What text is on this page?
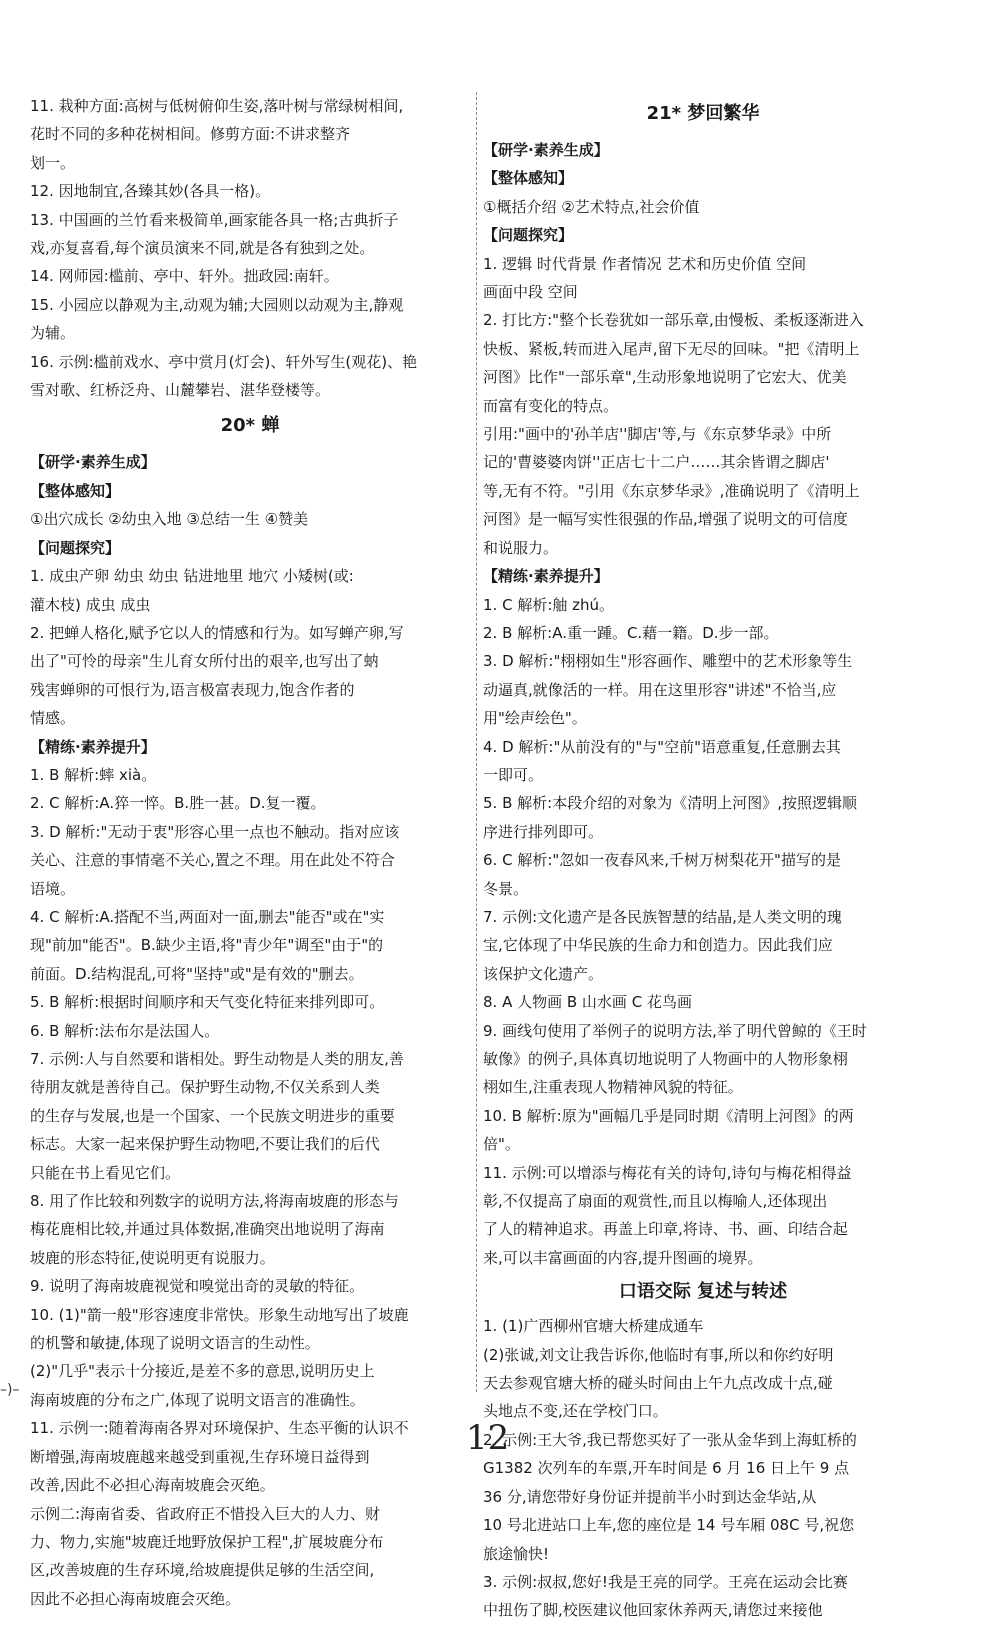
11. 栽种方面:高树与低树俯仰生姿,落叶树与常绿树相间,
花时不同的多种花树相间。修剪方面:不讲求整齐
划一。
12. 因地制宜,各臻其妙(各具一格)。
13. 中国画的兰竹看来极简单,画家能各具一格;古典折子
戏,亦复喜看,每个演员演来不同,就是各有独到之处。
14. 网师园:槛前、亭中、轩外。拙政园:南轩。
15. 小园应以静观为主,动观为辅;大园则以动观为主,静观
为辅。
16. 示例:槛前戏水、亭中赏月(灯会)、轩外写生(观花)、艳
雪对歌、红桥泛舟、山麓攀岩、湛华登楼等。
20* 蝉
【研学·素养生成】
【整体感知】
①出穴成长 ②幼虫入地 ③总结一生 ④赞美
【问题探究】
1. 成虫产卵 幼虫 幼虫 钻进地里 地穴 小矮树(或:
灌木枝) 成虫 成虫
2. 把蝉人格化,赋予它以人的情感和行为。如写蝉产卵,写
出了"可怜的母亲"生儿育女所付出的艰辛,也写出了蚋
残害蝉卵的可恨行为,语言极富表现力,饱含作者的
情感。
【精练·素养提升】
1. B 解析:蟀 xià。
2. C 解析:A.猝一悴。B.胜一甚。D.复一覆。
3. D 解析:"无动于衷"形容心里一点也不触动。指对应该
关心、注意的事情毫不关心,置之不理。用在此处不符合
语境。
4. C 解析:A.搭配不当,两面对一面,删去"能否"或在"实
现"前加"能否"。B.缺少主语,将"青少年"调至"由于"的
前面。D.结构混乱,可将"坚持"或"是有效的"删去。
5. B 解析:根据时间顺序和天气变化特征来排列即可。
6. B 解析:法布尔是法国人。
7. 示例:人与自然要和谐相处。野生动物是人类的朋友,善
待朋友就是善待自己。保护野生动物,不仅关系到人类
的生存与发展,也是一个国家、一个民族文明进步的重要
标志。大家一起来保护野生动物吧,不要让我们的后代
只能在书上看见它们。
8. 用了作比较和列数字的说明方法,将海南坡鹿的形态与
梅花鹿相比较,并通过具体数据,准确突出地说明了海南
坡鹿的形态特征,使说明更有说服力。
9. 说明了海南坡鹿视觉和嗅觉出奇的灵敏的特征。
10. (1)"箭一般"形容速度非常快。形象生动地写出了坡鹿
的机警和敏捷,体现了说明文语言的生动性。
(2)"几乎"表示十分接近,是差不多的意思,说明历史上
海南坡鹿的分布之广,体现了说明文语言的准确性。
11. 示例一:随着海南各界对环境保护、生态平衡的认识不
断增强,海南坡鹿越来越受到重视,生存环境日益得到
改善,因此不必担心海南坡鹿会灭绝。
示例二:海南省委、省政府正不惜投入巨大的人力、财
力、物力,实施"坡鹿迁地野放保护工程",扩展坡鹿分布
区,改善坡鹿的生存环境,给坡鹿提供足够的生活空间,
因此不必担心海南坡鹿会灭绝。
21* 梦回繁华
【研学·素养生成】
【整体感知】
①概括介绍 ②艺术特点,社会价值
【问题探究】
1. 逻辑 时代背景 作者情况 艺术和历史价值 空间
画面中段 空间
2. 打比方:"整个长卷犹如一部乐章,由慢板、柔板逐渐进入
快板、紧板,转而进入尾声,留下无尽的回味。"把《清明上
河图》比作"一部乐章",生动形象地说明了它宏大、优美
而富有变化的特点。
引用:"画中的'孙羊店''脚店'等,与《东京梦华录》中所
记的'曹婆婆肉饼''正店七十二户……其余皆谓之脚店'
等,无有不符。"引用《东京梦华录》,准确说明了《清明上
河图》是一幅写实性很强的作品,增强了说明文的可信度
和说服力。
【精练·素养提升】
1. C 解析:舳 zhú。
2. B 解析:A.重一踵。C.藉一籍。D.步一部。
3. D 解析:"栩栩如生"形容画作、雕塑中的艺术形象等生
动逼真,就像活的一样。用在这里形容"讲述"不恰当,应
用"绘声绘色"。
4. D 解析:"从前没有的"与"空前"语意重复,任意删去其
一即可。
5. B 解析:本段介绍的对象为《清明上河图》,按照逻辑顺
序进行排列即可。
6. C 解析:"忽如一夜春风来,千树万树梨花开"描写的是
冬景。
7. 示例:文化遗产是各民族智慧的结晶,是人类文明的瑰
宝,它体现了中华民族的生命力和创造力。因此我们应
该保护文化遗产。
8. A 人物画 B 山水画 C 花鸟画
9. 画线句使用了举例子的说明方法,举了明代曾鲸的《王时
敏像》的例子,具体真切地说明了人物画中的人物形象栩
栩如生,注重表现人物精神风貌的特征。
10. B 解析:原为"画幅几乎是同时期《清明上河图》的两
倍"。
11. 示例:可以增添与梅花有关的诗句,诗句与梅花相得益
彰,不仅提高了扇面的观赏性,而且以梅喻人,还体现出
了人的精神追求。再盖上印章,将诗、书、画、印结合起
来,可以丰富画面的内容,提升图画的境界。
口语交际 复述与转述
1. (1)广西柳州官塘大桥建成通车
(2)张诚,刘文让我告诉你,他临时有事,所以和你约好明
天去参观官塘大桥的碰头时间由上午九点改成十点,碰
头地点不变,还在学校门口。
2. 示例:王大爷,我已帮您买好了一张从金华到上海虹桥的
G1382 次列车的车票,开车时间是 6 月 16 日上午 9 点
36 分,请您带好身份证并提前半小时到达金华站,从
10 号北进站口上车,您的座位是 14 号车厢 08C 号,祝您
旅途愉快!
3. 示例:叔叔,您好!我是王亮的同学。王亮在运动会比赛
中扭伤了脚,校医建议他回家休养两天,请您过来接他
–)–
12
